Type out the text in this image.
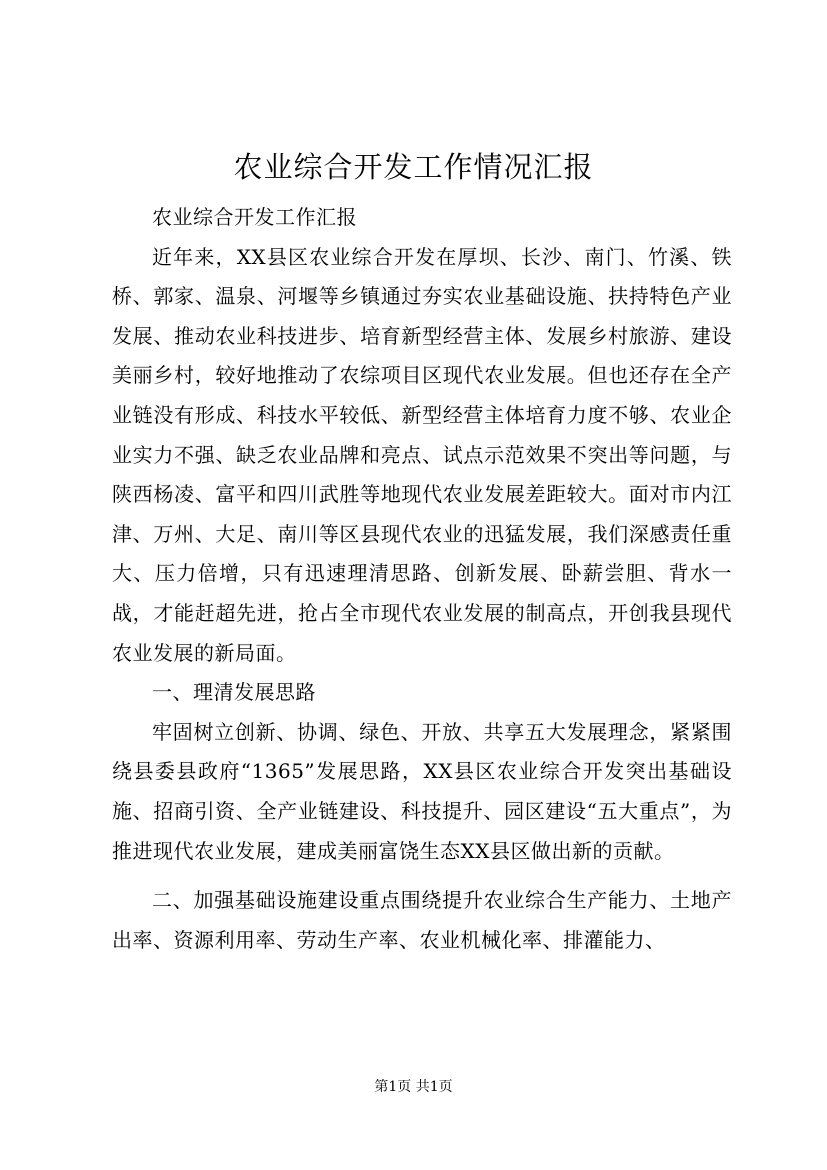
农业综合开发工作情况汇报

农业综合开发工作汇报

近年来，XX县区农业综合开发在厚坝、长沙、南门、竹溪、铁桥、郭家、温泉、河堰等乡镇通过夯实农业基础设施、扶持特色产业发展、推动农业科技进步、培育新型经营主体、发展乡村旅游、建设美丽乡村，较好地推动了农综项目区现代农业发展。但也还存在全产业链没有形成、科技水平较低、新型经营主体培育力度不够、农业企业实力不强、缺乏农业品牌和亮点、试点示范效果不突出等问题，与陕西杨凌、富平和四川武胜等地现代农业发展差距较大。面对市内江津、万州、大足、南川等区县现代农业的迅猛发展，我们深感责任重大、压力倍增，只有迅速理清思路、创新发展、卧薪尝胆、背水一战，才能赶超先进，抢占全市现代农业发展的制高点，开创我县现代农业发展的新局面。

一、理清发展思路

牢固树立创新、协调、绿色、开放、共享五大发展理念，紧紧围绕县委县政府“1365”发展思路，XX县区农业综合开发突出基础设施、招商引资、全产业链建设、科技提升、园区建设“五大重点”，为推进现代农业发展，建成美丽富饶生态XX县区做出新的贡献。

二、加强基础设施建设重点围绕提升农业综合生产能力、土地产出率、资源利用率、劳动生产率、农业机械化率、排灌能力、

第1页 共1页
